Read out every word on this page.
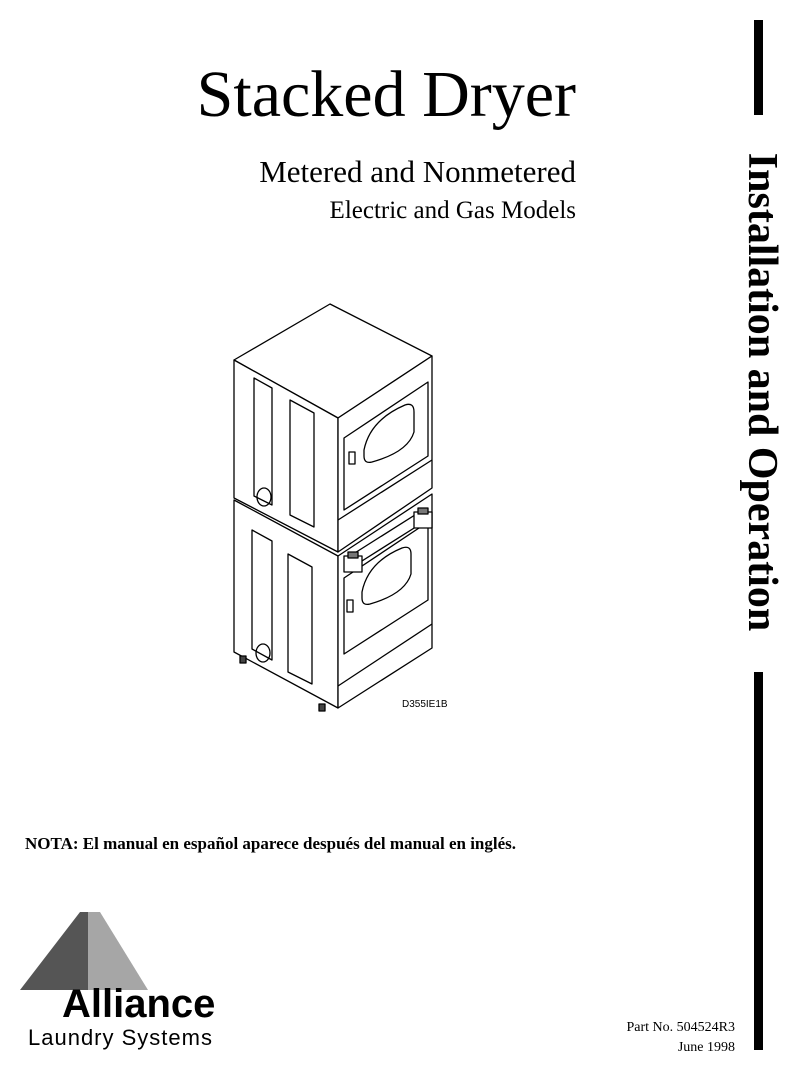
Stacked Dryer
Metered and Nonmetered
Electric and Gas Models	Installation and Operation
D355IE1B
NOTA: El manual en español aparece después del manual en inglés.
Alliance
Laundry Systems	Part No. 504524R3
June 1998
